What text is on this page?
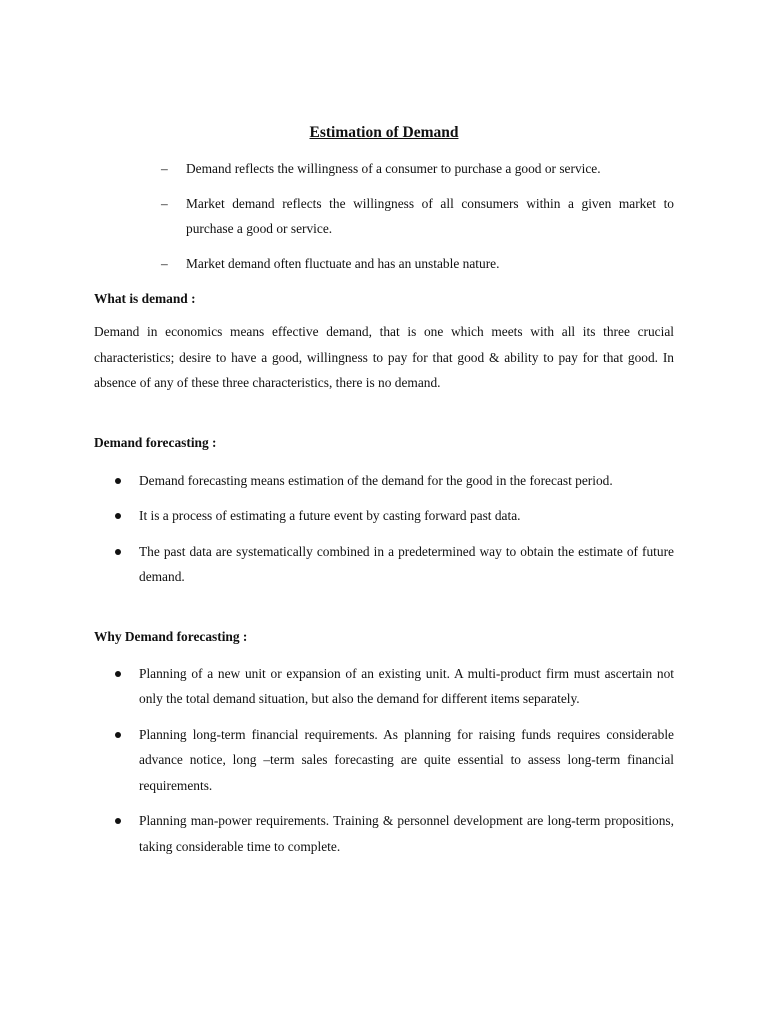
Estimation of Demand
– Demand reflects the willingness of a consumer to purchase a good or service.
– Market demand reflects the willingness of all consumers within a given market to purchase a good or service.
– Market demand often fluctuate and has an unstable nature.

What is demand :

Demand in economics means effective demand, that is one which meets with all its three crucial characteristics; desire to have a good, willingness to pay for that good & ability to pay for that good. In absence of any of these three characteristics, there is no demand.

Demand forecasting :

Demand forecasting means estimation of the demand for the good in the forecast period.
It is a process of estimating a future event by casting forward past data.
The past data are systematically combined in a predetermined way to obtain the estimate of future demand.

Why Demand forecasting :

Planning of a new unit or expansion of an existing unit. A multi-product firm must ascertain not only the total demand situation, but also the demand for different items separately.
Planning long-term financial requirements. As planning for raising funds requires considerable advance notice, long –term sales forecasting are quite essential to assess long-term financial requirements.
Planning man-power requirements. Training & personnel development are long-term propositions, taking considerable time to complete.
